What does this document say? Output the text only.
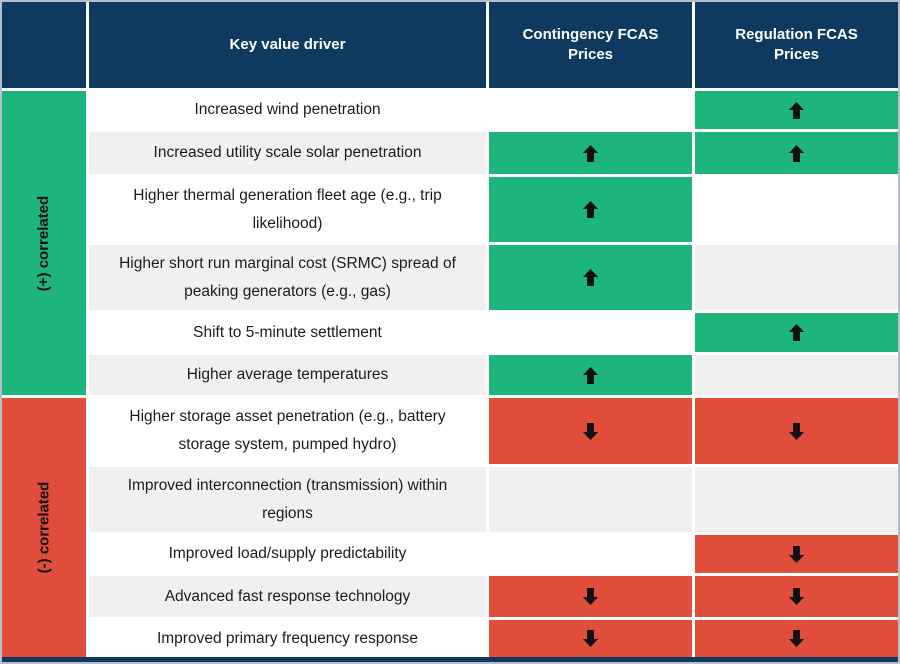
Key value driver
Contingency FCAS Prices
Regulation FCAS Prices
(+) correlated
(-) correlated
Increased wind penetration
Increased utility scale solar penetration
Higher thermal generation fleet age (e.g., trip likelihood)
Higher short run marginal cost (SRMC) spread of peaking generators (e.g., gas)
Shift to 5-minute settlement
Higher average temperatures
Higher storage asset penetration (e.g., battery storage system, pumped hydro)
Improved interconnection (transmission) within regions
Improved load/supply predictability
Advanced fast response technology
Improved primary frequency response
